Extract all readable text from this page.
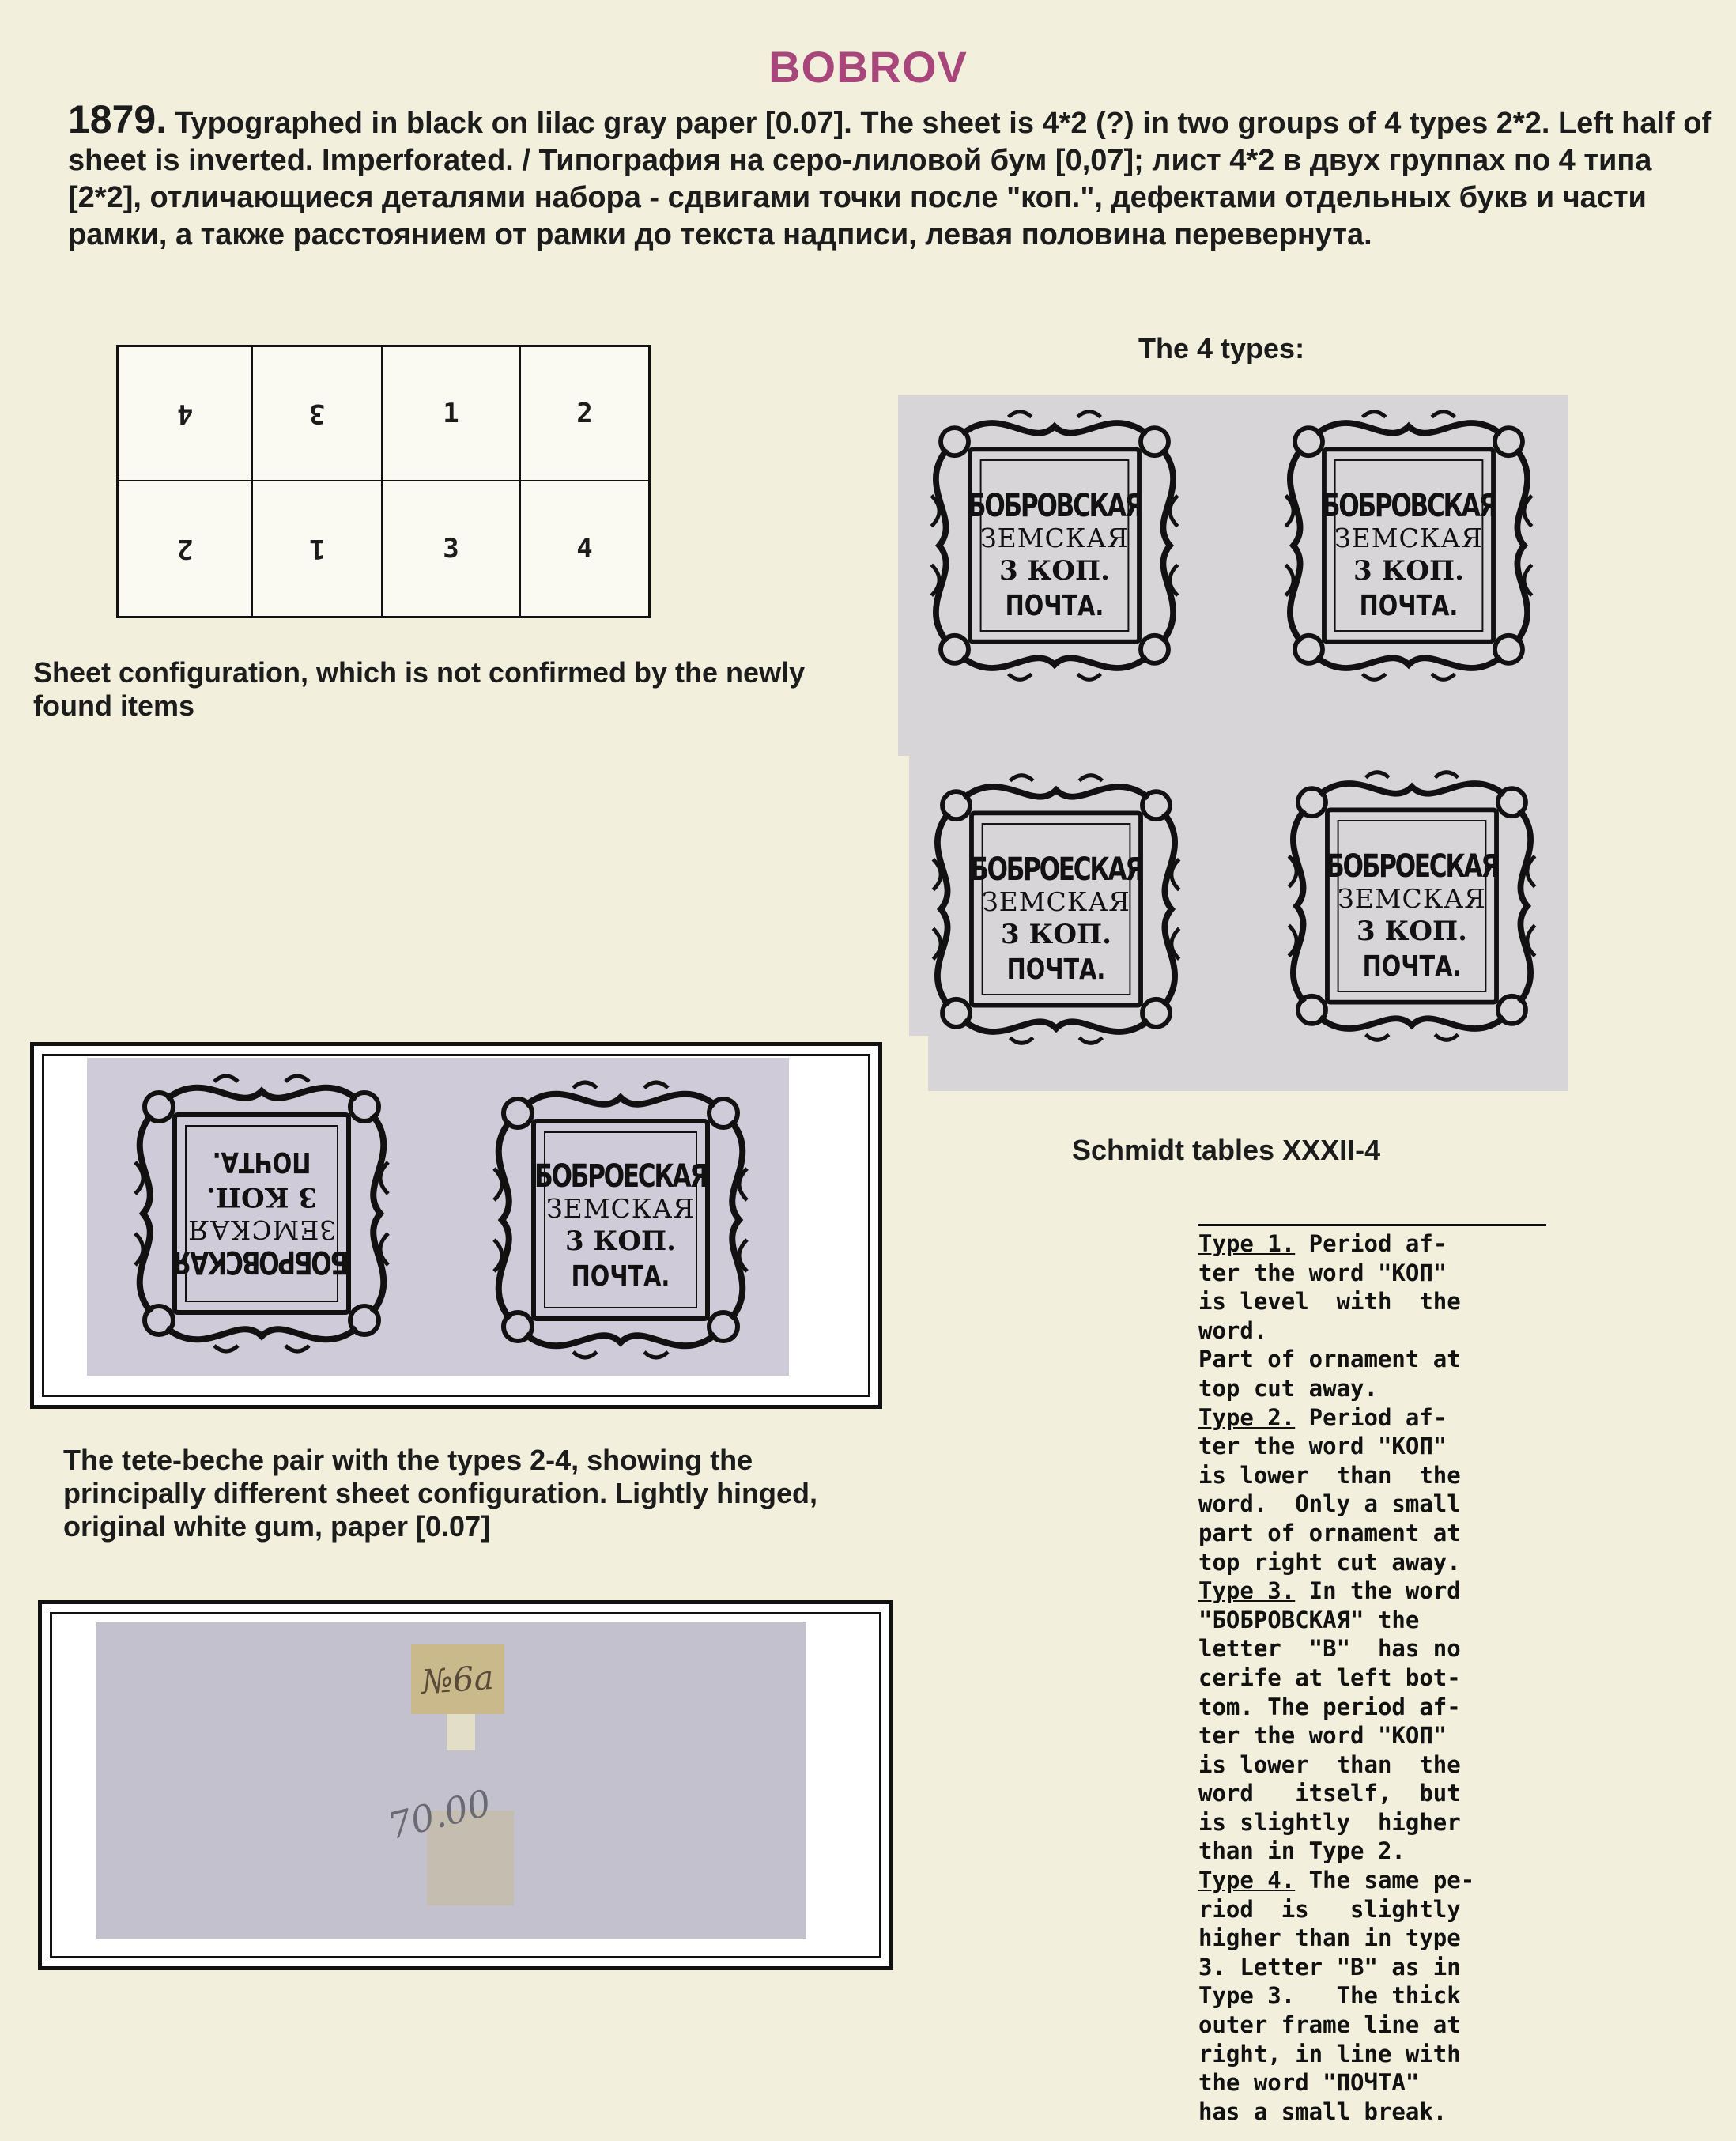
BOBROV
1879. Typographed in black on lilac gray paper [0.07]. The sheet is 4*2 (?) in two groups of 4 types 2*2. Left half of sheet is inverted. Imperforated. / Типография на серо-лиловой бум [0,07]; лист 4*2 в двух группах по 4 типа [2*2], отличающиеся деталями набора - сдвигами точки после "коп.", дефектами отдельных букв и части рамки, а также расстоянием от рамки до текста надписи, левая половина перевернута.
4	3	1	2
2	1	3	4
Sheet configuration, which is not confirmed by the newly found items
The 4 types:
БОБРОВСКАЯ
ЗЕМСКАЯ
3 КОП.
ПОЧТА.
БОБРОВСКАЯ
ЗЕМСКАЯ
3 КОП.
ПОЧТА.
БОБРОЕСКАЯ
ЗЕМСКАЯ
3 КОП.
ПОЧТА.
БОБРОЕСКАЯ
ЗЕМСКАЯ
3 КОП.
ПОЧТА.
Schmidt tables XXXII-4
БОБРОВСКАЯ
ЗЕМСКАЯ
3 КОП.
ПОЧТА.	БОБРОЕСКАЯ
ЗЕМСКАЯ
3 КОП.
ПОЧТА.
The tete-beche pair with the types 2-4, showing the principally different sheet configuration. Lightly hinged, original white gum, paper [0.07]
№6a
70.00

Type 1. Period af-

ter the word "КОП"

is level  with  the

word.

Part of ornament at

top cut away.

Type 2. Period af-

ter the word "КОП"

is lower  than  the

word.  Only a small

part of ornament at

top right cut away.

Type 3. In the word

"БОБРОВСКАЯ" the

letter  "В"  has no

cerife at left bot-

tom. The period af-

ter the word "КОП"

is lower  than  the

word   itself,  but

is slightly  higher

than in Type 2.

Type 4. The same pe-

riod  is   slightly

higher than in type

3. Letter "B" as in

Type 3.   The thick

outer frame line at

right, in line with

the word "ПОЧТА"

has a small break.
